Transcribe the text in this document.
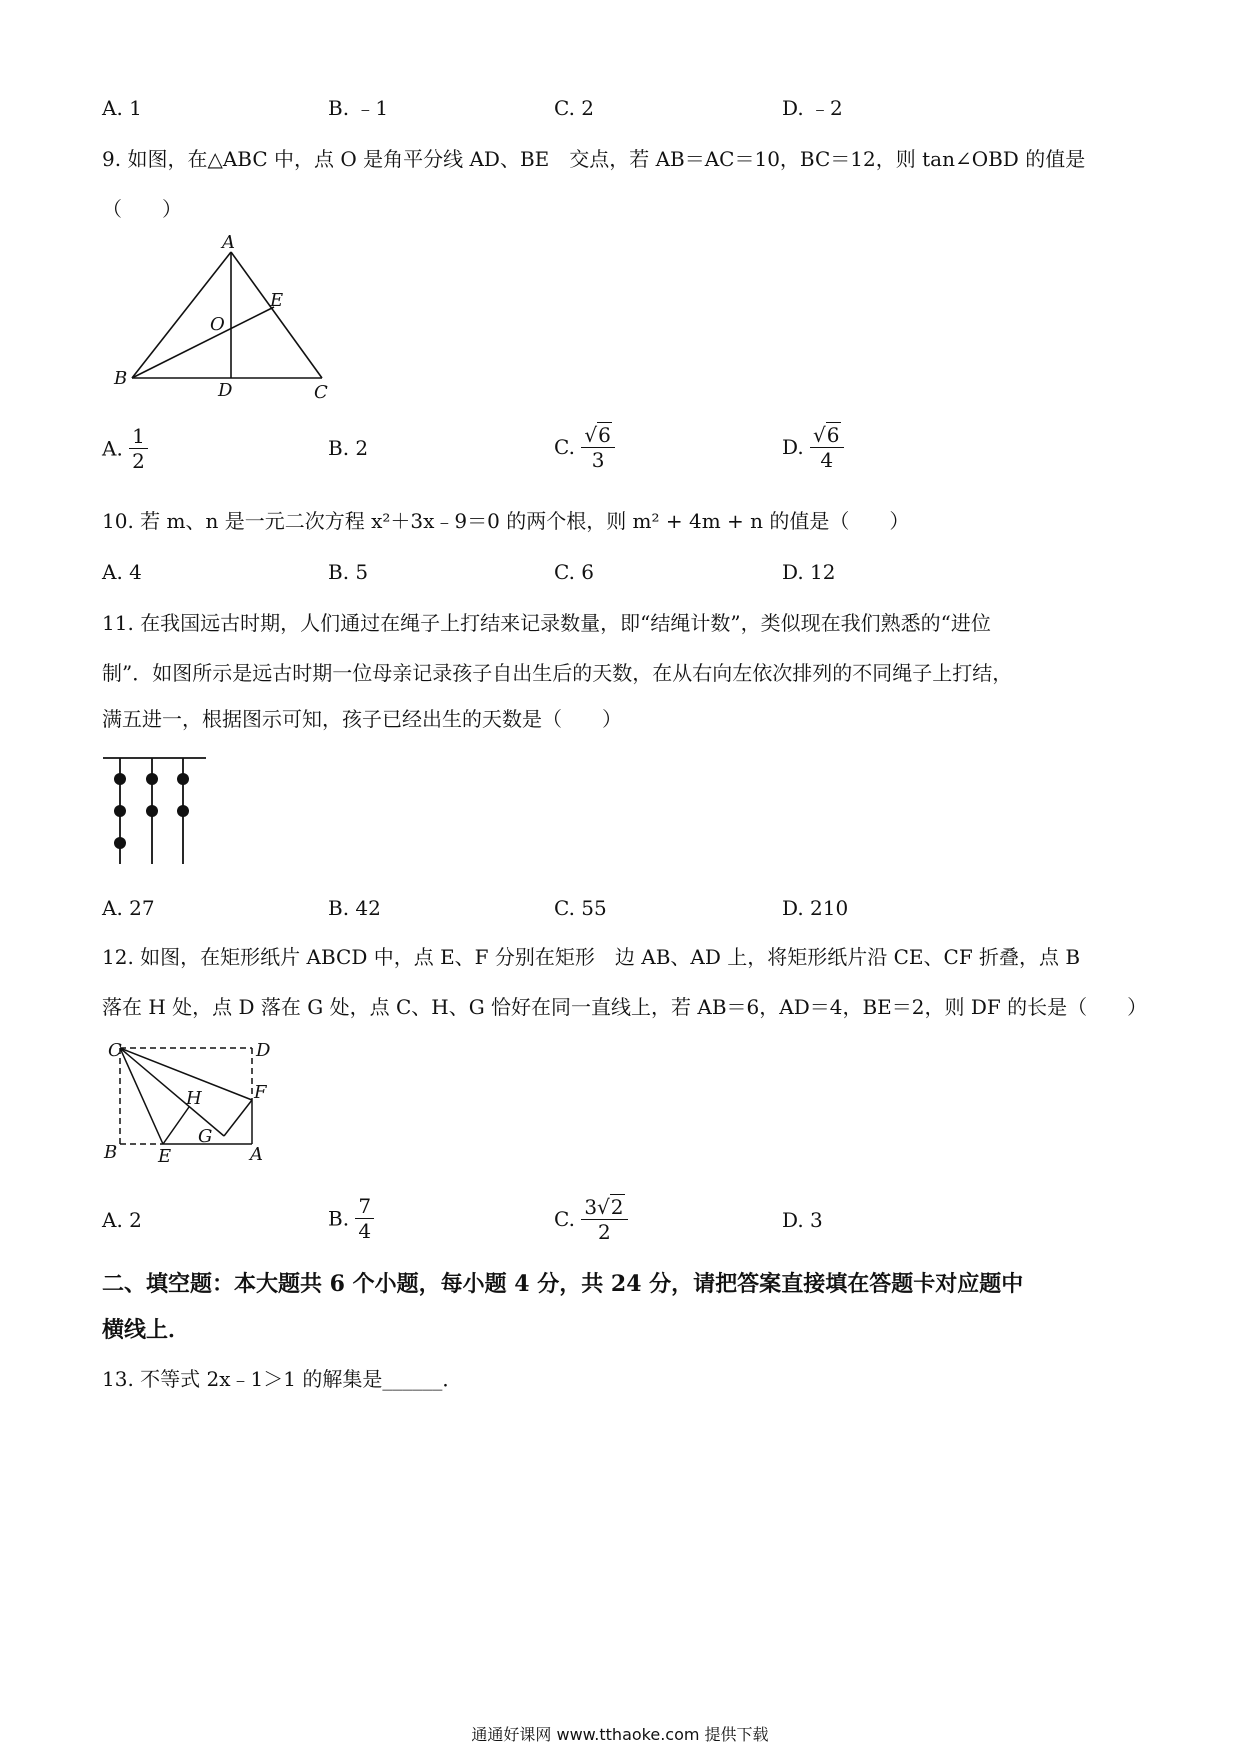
A. 1	B. ﹣1	C. 2	D. ﹣2
9. 如图，在△ABC 中，点 O 是角平分线 AD、BE　交点，若 AB＝AC＝10，BC＝12，则 tan∠OBD 的值是
（　　）
A
B
C
D
E
O
A. $\frac{1}{2}$	B. 2	C. $\frac{√6}{3}$	D. $\frac{√6}{4}$
10. 若 m、n 是一元二次方程 x²＋3x﹣9＝0 的两个根，则 m² + 4m + n 的值是（　　）
A. 4	B. 5	C. 6	D. 12
11. 在我国远古时期，人们通过在绳子上打结来记录数量，即“结绳计数”，类似现在我们熟悉的“进位
制”．如图所示是远古时期一位母亲记录孩子自出生后的天数，在从右向左依次排列的不同绳子上打结，
满五进一，根据图示可知，孩子已经出生的天数是（　　）
A. 27	B. 42	C. 55	D. 210
12. 如图，在矩形纸片 ABCD 中，点 E、F 分别在矩形　边 AB、AD 上，将矩形纸片沿 CE、CF 折叠，点 B
落在 H 处，点 D 落在 G 处，点 C、H、G 恰好在同一直线上，若 AB＝6，AD＝4，BE＝2，则 DF 的长是（　　）
C	D
H	F
G
B E	A
A. 2	B. $\frac{7}{4}$	C. $\frac{3√2}{2}$	D. 3
二、填空题：本大题共 6 个小题，每小题 4 分，共 24 分，请把答案直接填在答题卡对应题中
横线上．
13. 不等式 2x﹣1＞1 的解集是______．
通通好课网 www.tthaoke.com 提供下载
